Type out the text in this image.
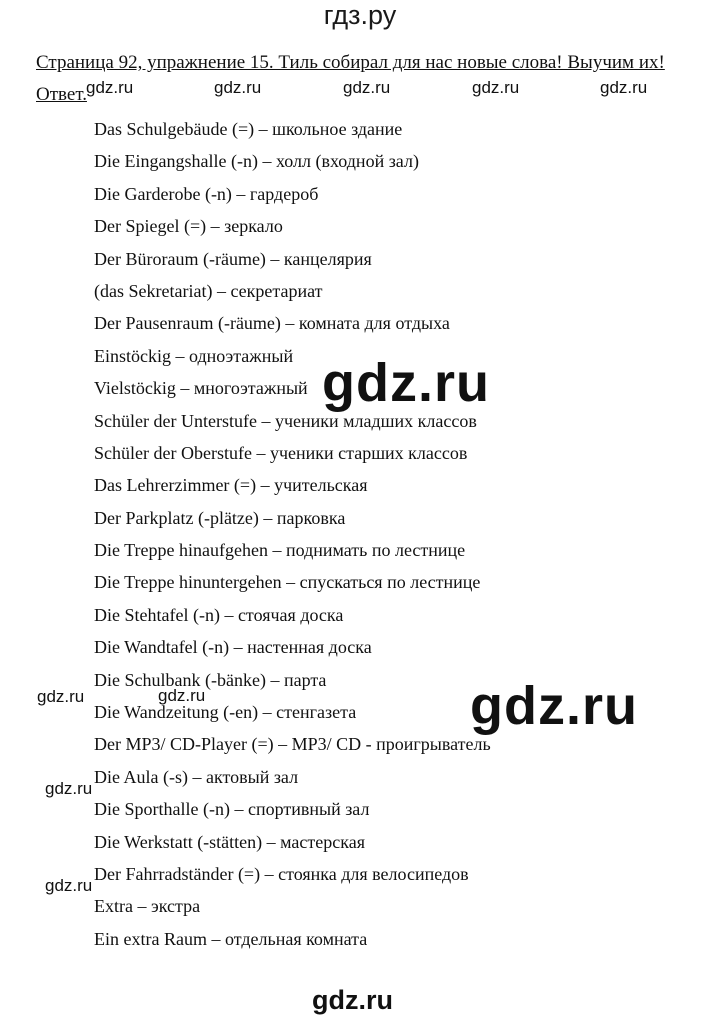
гдз.ру
Страница 92, упражнение 15. Тиль собирал для нас новые слова! Выучим их!
Ответ.
Das Schulgebäude (=) – школьное здание
Die Eingangshalle (-n) – холл (входной зал)
Die Garderobe (-n) – гардероб
Der Spiegel (=) – зеркало
Der Büroraum (-räume) – канцелярия
(das Sekretariat) – секретариат
Der Pausenraum (-räume) – комната для отдыха
Einstöckig – одноэтажный
Vielstöckig – многоэтажный
Schüler der Unterstufe – ученики младших классов
Schüler der Oberstufe – ученики старших классов
Das Lehrerzimmer (=) – учительская
Der Parkplatz (-plätze) – парковка
Die Treppe hinaufgehen – поднимать по лестнице
Die Treppe hinuntergehen – спускаться по лестнице
Die Stehtafel (-n) – стоячая доска
Die Wandtafel (-n) – настенная доска
Die Schulbank (-bänke) – парта
Die Wandzeitung (-en) – стенгазета
Der MP3/ CD-Player (=) – MP3/ CD - проигрыватель
Die Aula (-s) – актовый зал
Die Sporthalle (-n) – спортивный зал
Die Werkstatt (-stätten) – мастерская
Der Fahrradständer (=) – стоянка для велосипедов
Extra – экстра
Ein extra Raum – отдельная комната
gdz.ru	gdz.ru	gdz.ru	gdz.ru	gdz.ru
gdz.ru
gdz.ru
gdz.ru	gdz.ru
gdz.ru
gdz.ru
gdz.ru
